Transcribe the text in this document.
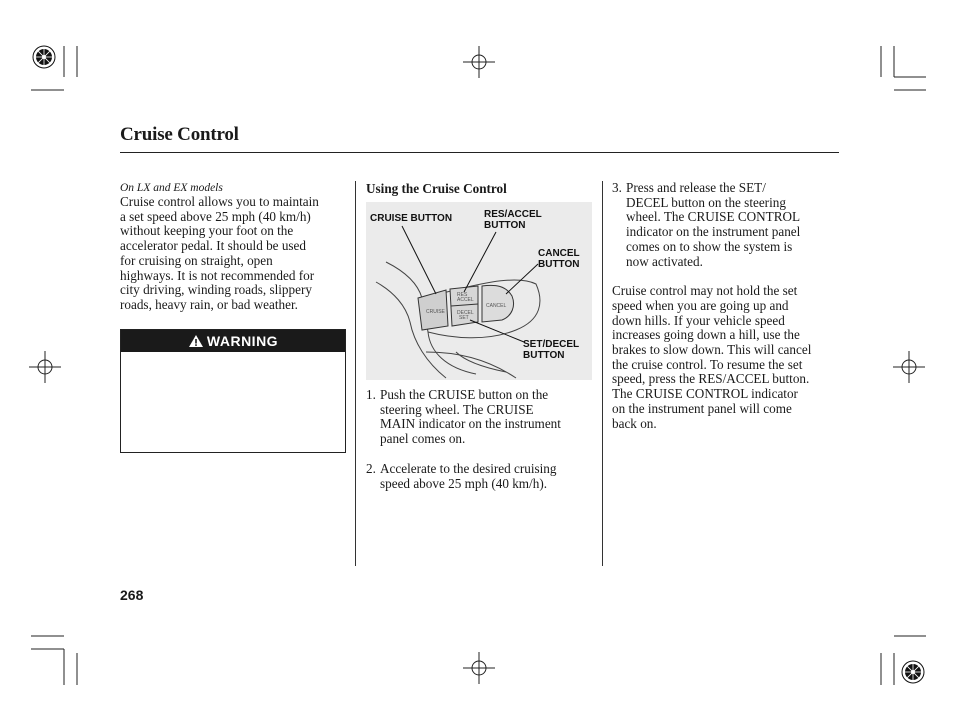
Cruise Control
On LX and EX models
Cruise control allows you to maintain
a set speed above 25 mph (40 km/h)
without keeping your foot on the
accelerator pedal. It should be used
for cruising on straight, open
highways. It is not recommended for
city driving, winding roads, slippery
roads, heavy rain, or bad weather.
WARNING
Using the Cruise Control
CRUISE
RES
ACCEL
DECEL
SET
CANCEL
CRUISE BUTTON	RES/ACCEL
BUTTON
CANCEL
BUTTON
SET/DECEL
BUTTON
1. Push the CRUISE button on the
steering wheel. The CRUISE
MAIN indicator on the instrument
panel comes on.
2. Accelerate to the desired cruising
speed above 25 mph (40 km/h).
3. Press and release the SET/
DECEL button on the steering
wheel. The CRUISE CONTROL
indicator on the instrument panel
comes on to show the system is
now activated.
Cruise control may not hold the set
speed when you are going up and
down hills. If your vehicle speed
increases going down a hill, use the
brakes to slow down. This will cancel
the cruise control. To resume the set
speed, press the RES/ACCEL button.
The CRUISE CONTROL indicator
on the instrument panel will come
back on.
268
